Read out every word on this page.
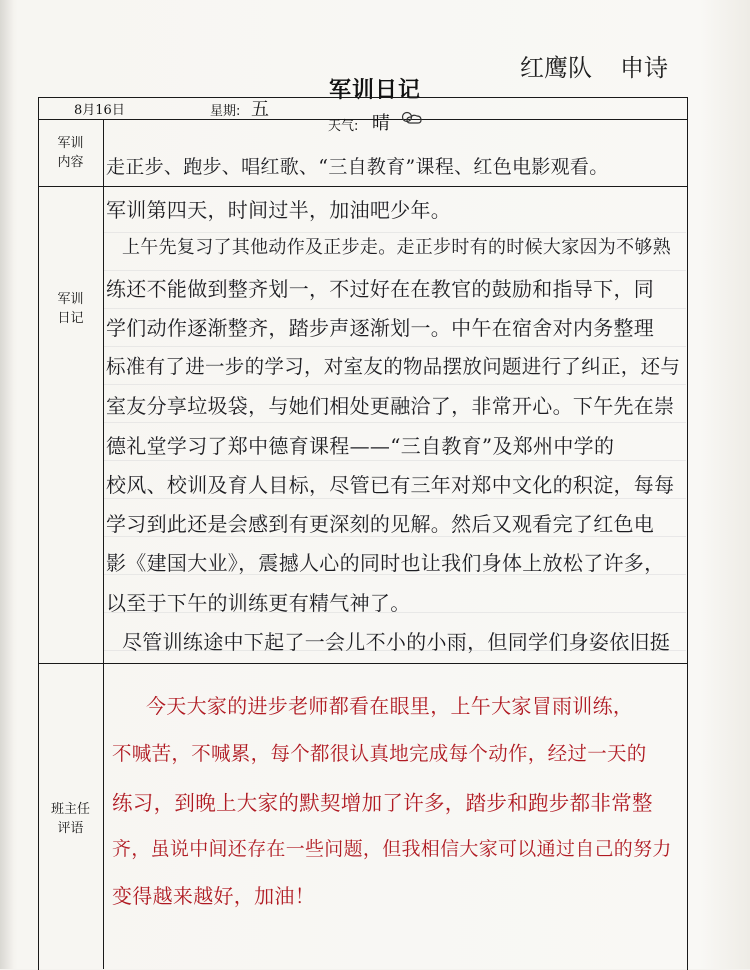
红鹰队 申诗
军训日记
8月16日	星期: 五
天气: 晴
军训
内容
军训
日记
班主任
评语
走正步、跑步、唱红歌、“三自教育”课程、红色电影观看。
军训第四天，时间过半，加油吧少年。
上午先复习了其他动作及正步走。走正步时有的时候大家因为不够熟
练还不能做到整齐划一，不过好在在教官的鼓励和指导下，同
学们动作逐渐整齐，踏步声逐渐划一。中午在宿舍对内务整理
标准有了进一步的学习，对室友的物品摆放问题进行了纠正，还与
室友分享垃圾袋，与她们相处更融洽了，非常开心。下午先在崇
德礼堂学习了郑中德育课程——“三自教育”及郑州中学的
校风、校训及育人目标，尽管已有三年对郑中文化的积淀，每每
学习到此还是会感到有更深刻的见解。然后又观看完了红色电
影《建国大业》，震撼人心的同时也让我们身体上放松了许多，
以至于下午的训练更有精气神了。
尽管训练途中下起了一会儿不小的小雨，但同学们身姿依旧挺
今天大家的进步老师都看在眼里，上午大家冒雨训练，
不喊苦，不喊累，每个都很认真地完成每个动作，经过一天的
练习，到晚上大家的默契增加了许多，踏步和跑步都非常整
齐，虽说中间还存在一些问题，但我相信大家可以通过自己的努力
变得越来越好，加油！
